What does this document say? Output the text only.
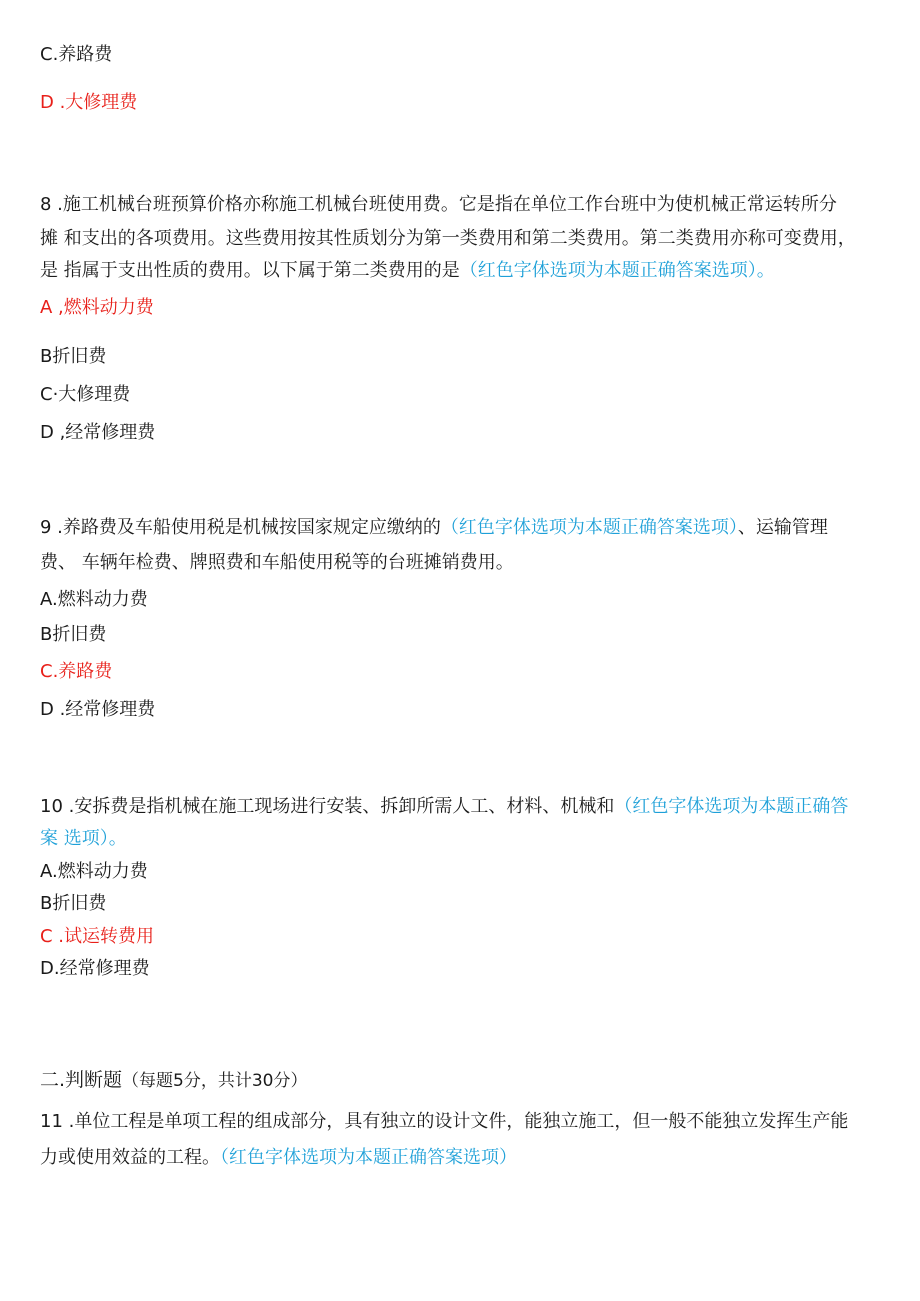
C.养路费
D .大修理费
8 .施工机械台班预算价格亦称施工机械台班使用费。它是指在单位工作台班中为使机械正常运转所分
摊 和支出的各项费用。这些费用按其性质划分为第一类费用和第二类费用。第二类费用亦称可变费用，
是 指属于支出性质的费用。以下属于第二类费用的是（红色字体选项为本题正确答案选项）。
A ,燃料动力费
B折旧费
C·大修理费
D ,经常修理费
9 .养路费及车船使用税是机械按国家规定应缴纳的（红色字体选项为本题正确答案选项）、运输管理
费、 车辆年检费、牌照费和车船使用税等的台班摊销费用。
A.燃料动力费
B折旧费
C.养路费
D .经常修理费
10 .安拆费是指机械在施工现场进行安装、拆卸所需人工、材料、机械和（红色字体选项为本题正确答
案 选项）。
A.燃料动力费
B折旧费
C .试运转费用
D.经常修理费
二.判断题（每题5分，共计30分）
11 .单位工程是单项工程的组成部分，具有独立的设计文件，能独立施工，但一般不能独立发挥生产能
力或使用效益的工程。（红色字体选项为本题正确答案选项）
